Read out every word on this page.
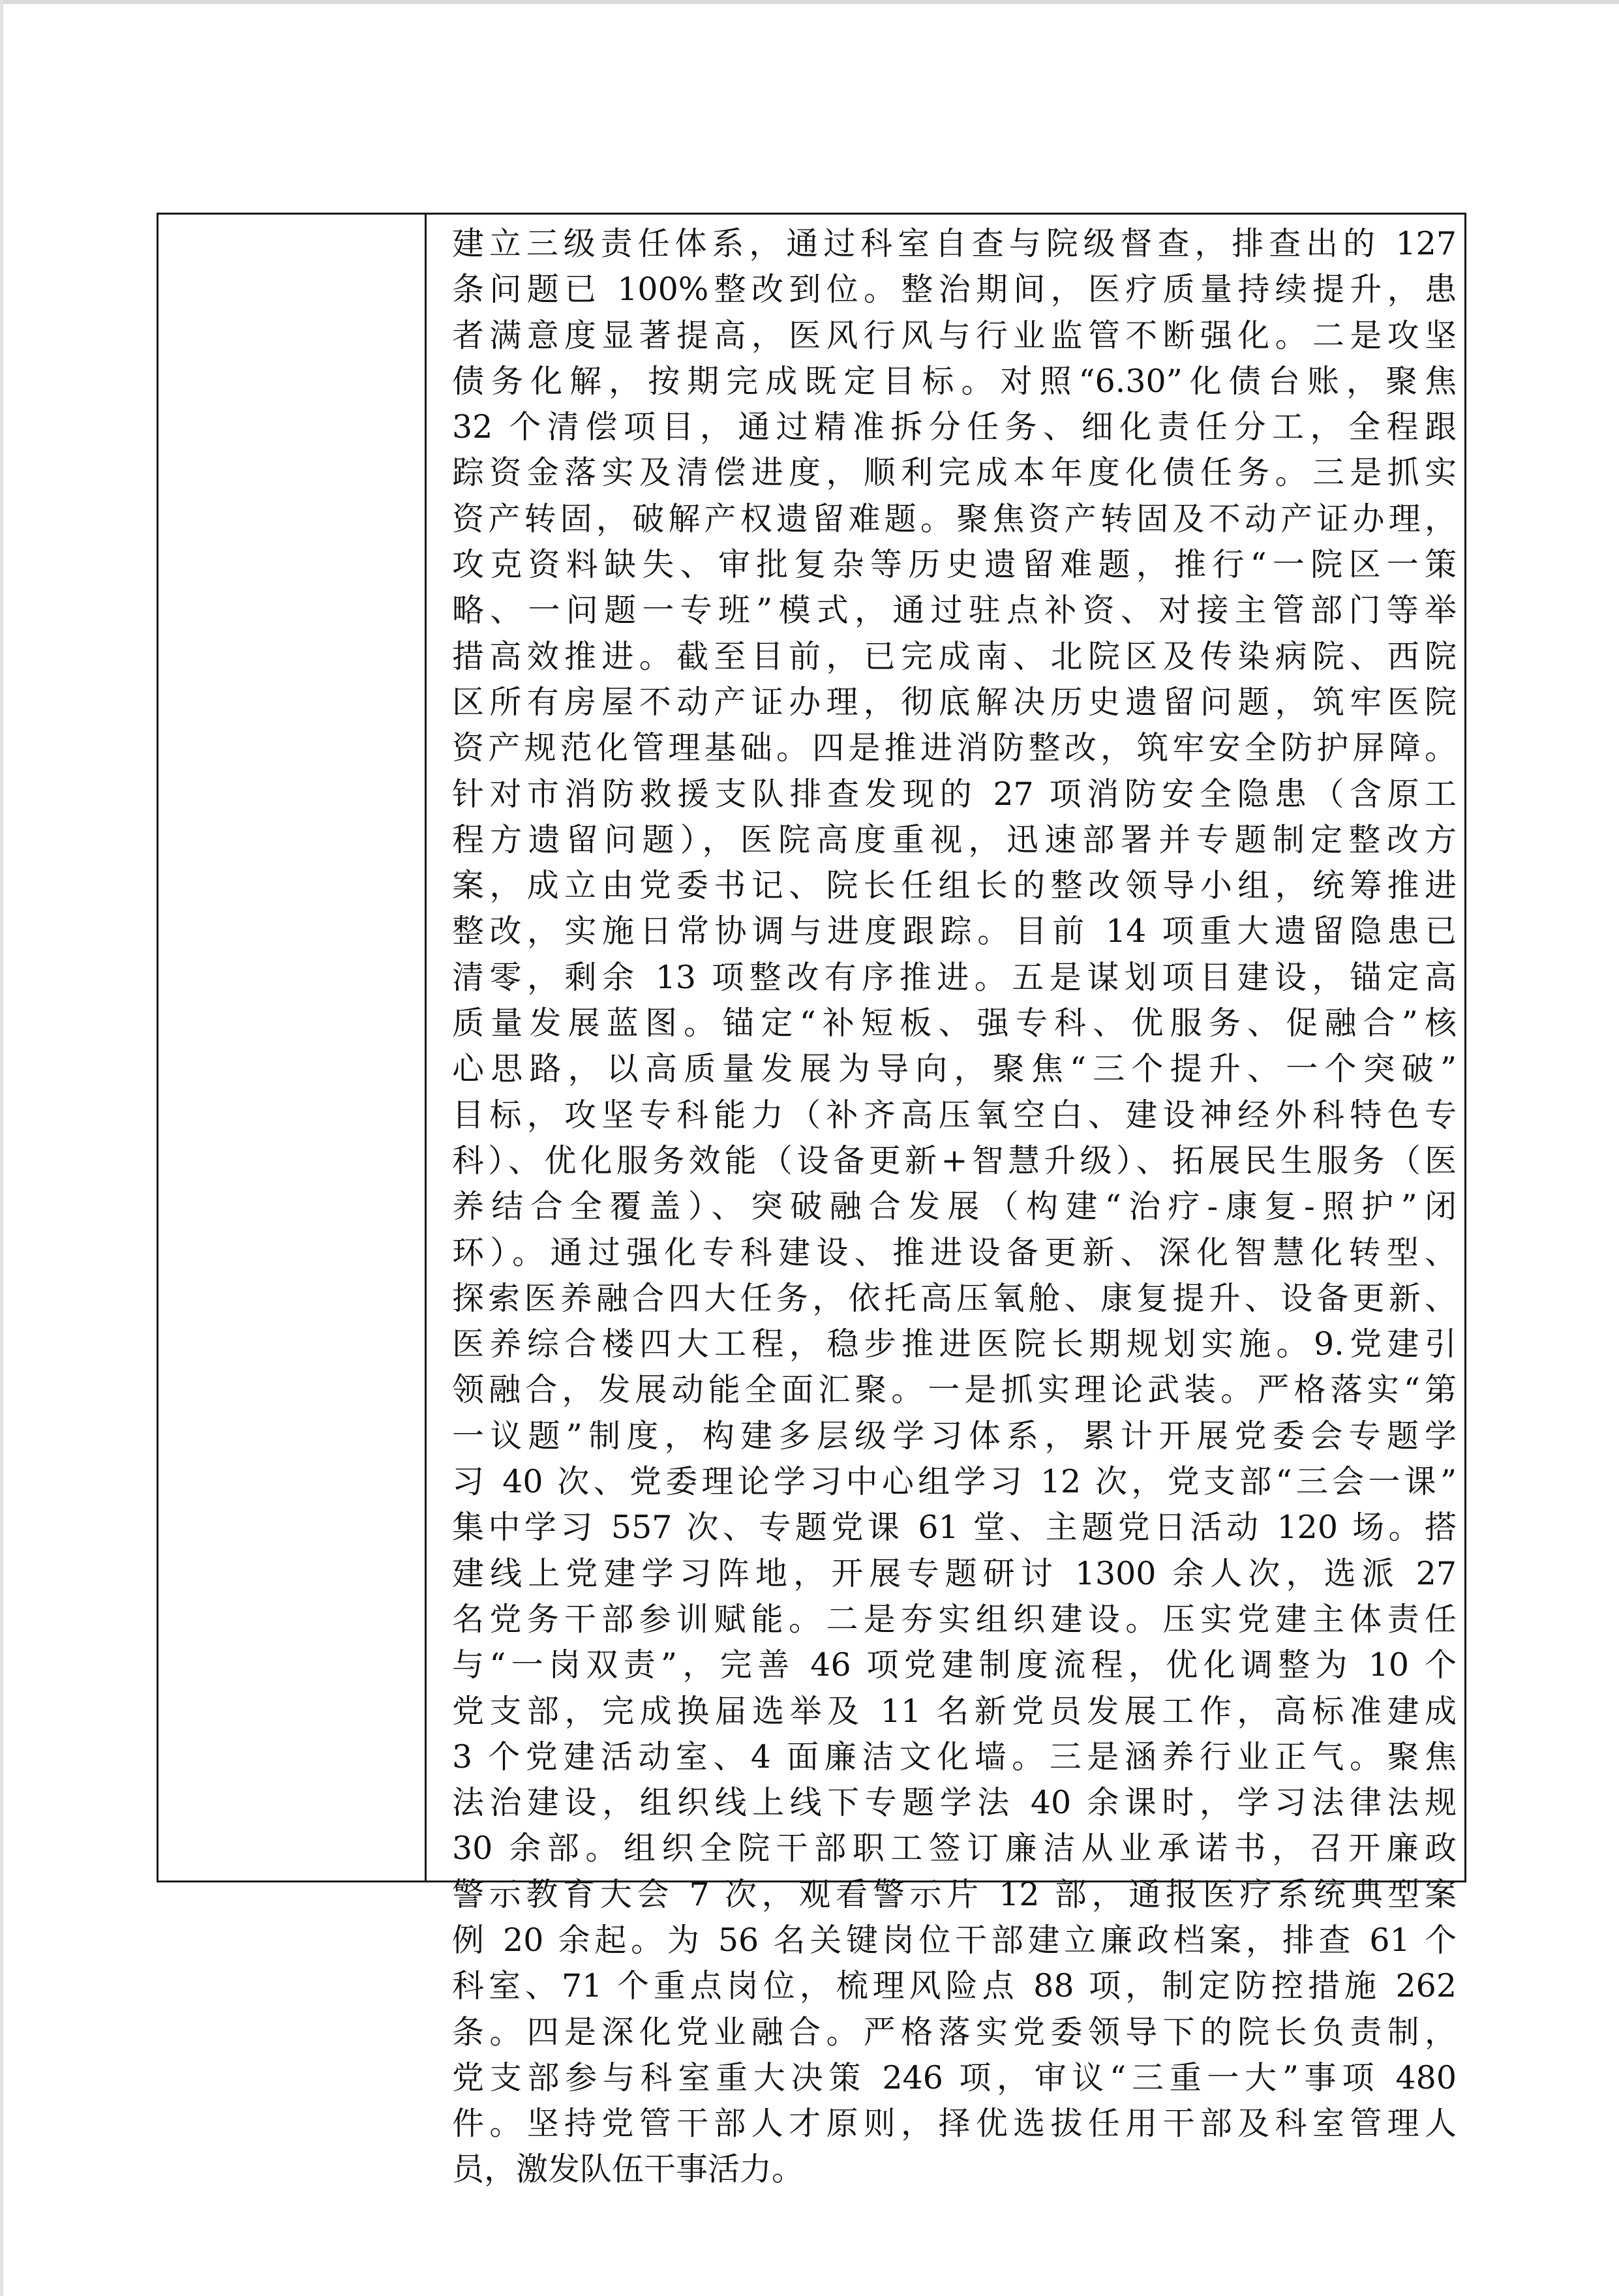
建立三级责任体系，通过科室自查与院级督查，排查出的 127
条问题已 100%整改到位。整治期间，医疗质量持续提升，患
者满意度显著提高，医风行风与行业监管不断强化。二是攻坚
债务化解，按期完成既定目标。对照“6.30”化债台账，聚焦
32 个清偿项目，通过精准拆分任务、细化责任分工，全程跟
踪资金落实及清偿进度，顺利完成本年度化债任务。三是抓实
资产转固，破解产权遗留难题。聚焦资产转固及不动产证办理，
攻克资料缺失、审批复杂等历史遗留难题，推行“一院区一策
略、一问题一专班”模式，通过驻点补资、对接主管部门等举
措高效推进。截至目前，已完成南、北院区及传染病院、西院
区所有房屋不动产证办理，彻底解决历史遗留问题，筑牢医院
资产规范化管理基础。四是推进消防整改，筑牢安全防护屏障。
针对市消防救援支队排查发现的 27 项消防安全隐患（含原工
程方遗留问题），医院高度重视，迅速部署并专题制定整改方
案，成立由党委书记、院长任组长的整改领导小组，统筹推进
整改，实施日常协调与进度跟踪。目前 14 项重大遗留隐患已
清零，剩余 13 项整改有序推进。五是谋划项目建设，锚定高
质量发展蓝图。锚定“补短板、强专科、优服务、促融合”核
心思路，以高质量发展为导向，聚焦“三个提升、一个突破”
目标，攻坚专科能力（补齐高压氧空白、建设神经外科特色专
科）、优化服务效能（设备更新+智慧升级）、拓展民生服务（医
养结合全覆盖）、突破融合发展（构建“治疗-康复-照护”闭
环）。通过强化专科建设、推进设备更新、深化智慧化转型、
探索医养融合四大任务，依托高压氧舱、康复提升、设备更新、
医养综合楼四大工程，稳步推进医院长期规划实施。9.党建引
领融合，发展动能全面汇聚。一是抓实理论武装。严格落实“第
一议题”制度，构建多层级学习体系，累计开展党委会专题学
习 40 次、党委理论学习中心组学习 12 次，党支部“三会一课”
集中学习 557 次、专题党课 61 堂、主题党日活动 120 场。搭
建线上党建学习阵地，开展专题研讨 1300 余人次，选派 27
名党务干部参训赋能。二是夯实组织建设。压实党建主体责任
与“一岗双责”，完善 46 项党建制度流程，优化调整为 10 个
党支部，完成换届选举及 11 名新党员发展工作，高标准建成
3 个党建活动室、4 面廉洁文化墙。三是涵养行业正气。聚焦
法治建设，组织线上线下专题学法 40 余课时，学习法律法规
30 余部。组织全院干部职工签订廉洁从业承诺书，召开廉政
警示教育大会 7 次，观看警示片 12 部，通报医疗系统典型案
例 20 余起。为 56 名关键岗位干部建立廉政档案，排查 61 个
科室、71 个重点岗位，梳理风险点 88 项，制定防控措施 262
条。四是深化党业融合。严格落实党委领导下的院长负责制，
党支部参与科室重大决策 246 项，审议“三重一大”事项 480
件。坚持党管干部人才原则，择优选拔任用干部及科室管理人
员，激发队伍干事活力。
